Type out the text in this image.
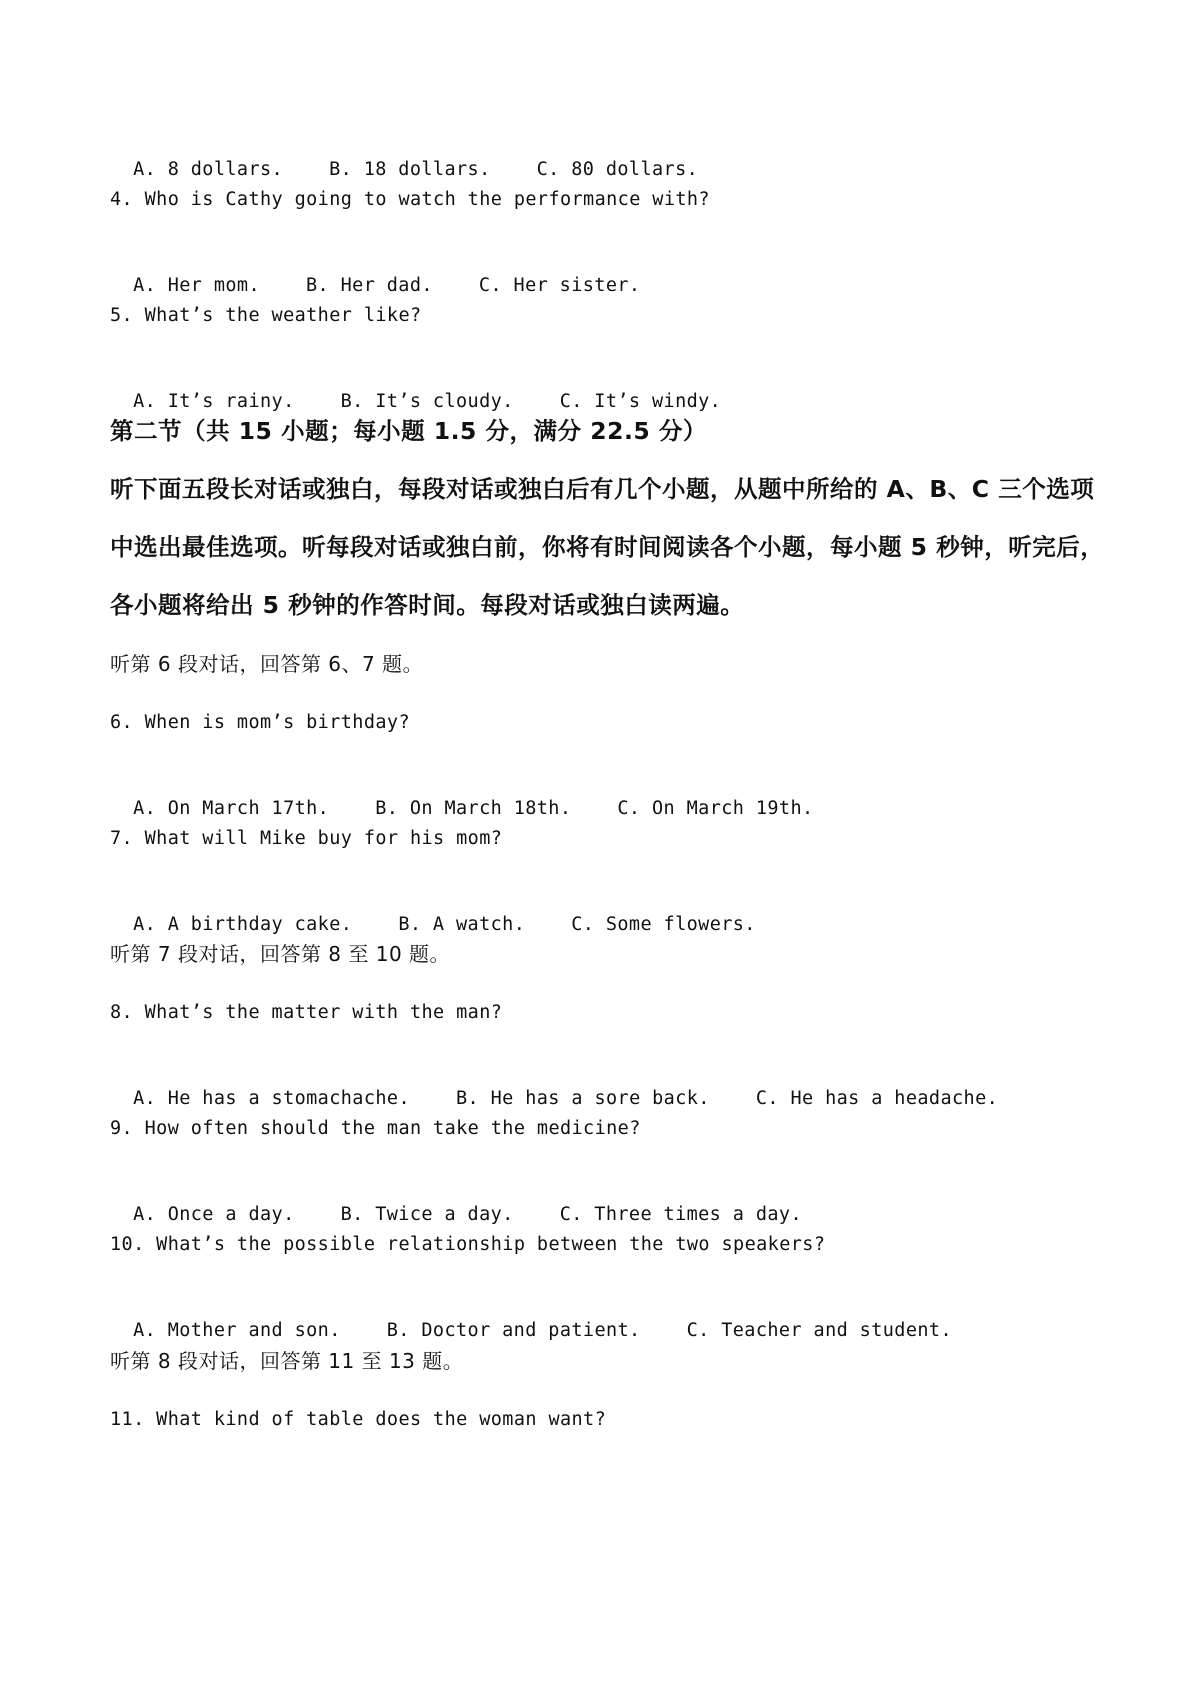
A. 8 dollars. B. 18 dollars. C. 80 dollars.

4. Who is Cathy going to watch the performance with?

A. Her mom. B. Her dad. C. Her sister.

5. What’s the weather like?

A. It’s rainy. B. It’s cloudy. C. It’s windy.

第二节（共 15 小题；每小题 1.5 分，满分 22.5 分）
听下面五段长对话或独白，每段对话或独白后有几个小题，从题中所给的 A、B、C 三个选项
中选出最佳选项。听每段对话或独白前，你将有时间阅读各个小题，每小题 5 秒钟，听完后，
各小题将给出 5 秒钟的作答时间。每段对话或独白读两遍。
听第 6 段对话，回答第 6、7 题。
6. When is mom’s birthday?

A. On March 17th. B. On March 18th. C. On March 19th.

7. What will Mike buy for his mom?

A. A birthday cake. B. A watch. C. Some flowers.

听第 7 段对话，回答第 8 至 10 题。
8. What’s the matter with the man?

A. He has a stomachache. B. He has a sore back. C. He has a headache.

9. How often should the man take the medicine?

A. Once a day. B. Twice a day. C. Three times a day.

10. What’s the possible relationship between the two speakers?

A. Mother and son. B. Doctor and patient. C. Teacher and student.

听第 8 段对话，回答第 11 至 13 题。
11. What kind of table does the woman want?
